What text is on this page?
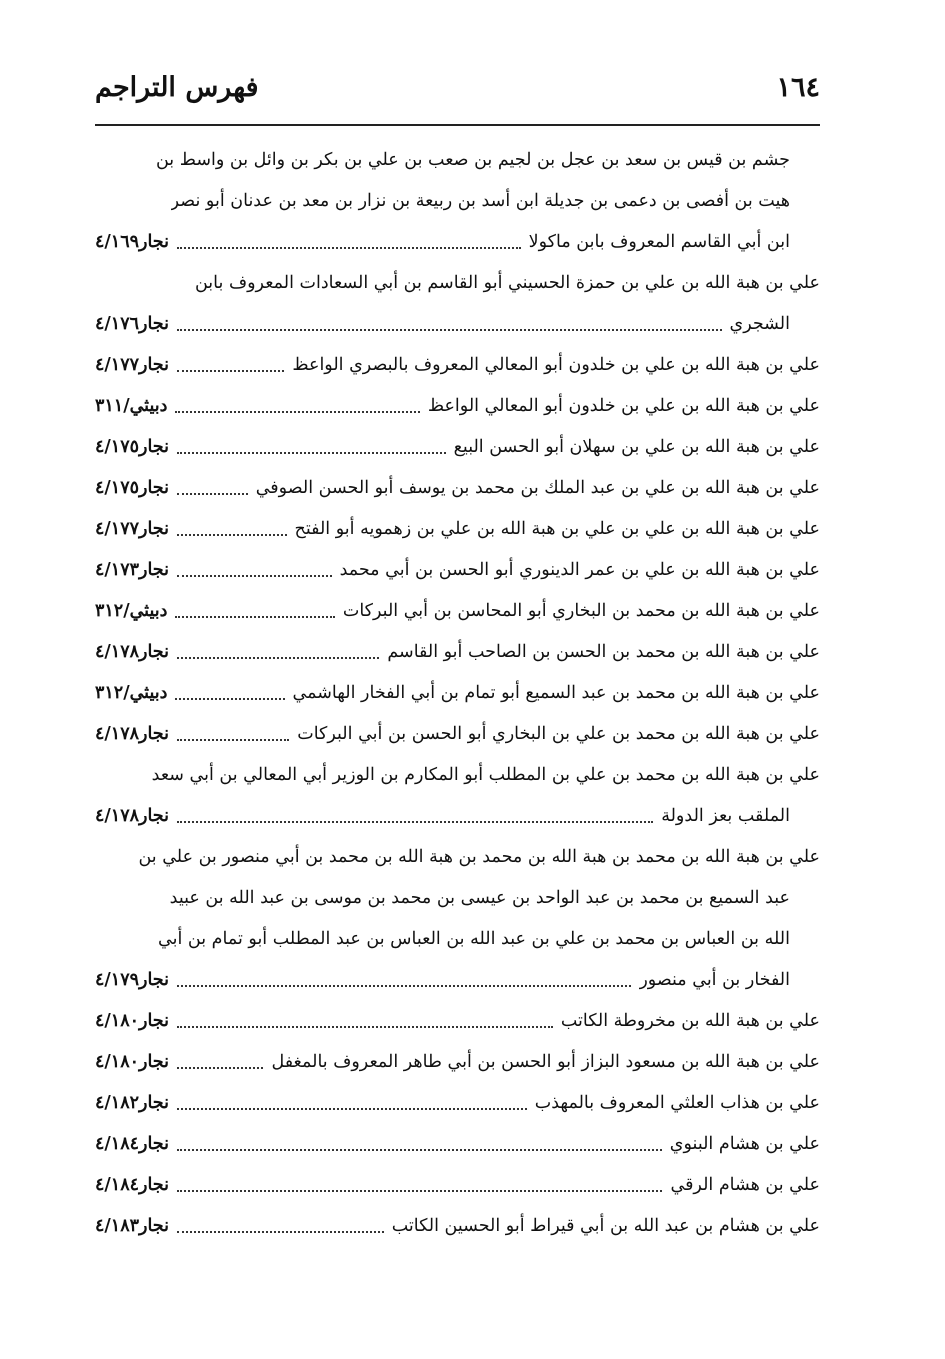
فهرس التراجم	١٦٤
جشم بن قيس بن سعد بن عجل بن لجيم بن صعب بن علي بن بكر بن وائل بن واسط بن
هيت بن أفصى بن دعمى بن جديلة ابن أسد بن ربيعة بن نزار بن معد بن عدنان أبو نصر
ابن أبي القاسم المعروف بابن ماكولا
نجار٤/١٦٩
علي بن هبة الله بن علي بن حمزة الحسيني أبو القاسم بن أبي السعادات المعروف بابن
الشجري
نجار٤/١٧٦
علي بن هبة الله بن علي بن خلدون أبو المعالي المعروف بالبصري الواعظ
نجار٤/١٧٧
علي بن هبة الله بن علي بن خلدون أبو المعالي الواعظ
دبيثي/٣١١
علي بن هبة الله بن علي بن سهلان أبو الحسن البيع
نجار٤/١٧٥
علي بن هبة الله بن علي بن عبد الملك بن محمد بن يوسف أبو الحسن الصوفي
نجار٤/١٧٥
علي بن هبة الله بن علي بن علي بن هبة الله بن علي بن زهمويه أبو الفتح
نجار٤/١٧٧
علي بن هبة الله بن علي بن عمر الدينوري أبو الحسن بن أبي محمد
نجار٤/١٧٣
علي بن هبة الله بن محمد بن البخاري أبو المحاسن بن أبي البركات
دبيثي/٣١٢
علي بن هبة الله بن محمد بن الحسن بن الصاحب أبو القاسم
نجار٤/١٧٨
علي بن هبة الله بن محمد بن عبد السميع أبو تمام بن أبي الفخار الهاشمي
دبيثي/٣١٢
علي بن هبة الله بن محمد بن علي بن البخاري أبو الحسن بن أبي البركات
نجار٤/١٧٨
علي بن هبة الله بن محمد بن علي بن المطلب أبو المكارم بن الوزير أبي المعالي بن أبي سعد
الملقب بعز الدولة
نجار٤/١٧٨
علي بن هبة الله بن محمد بن هبة الله بن محمد بن هبة الله بن محمد بن أبي منصور بن علي بن
عبد السميع بن محمد بن عبد الواحد بن عيسى بن محمد بن موسى بن عبد الله بن عبيد
الله بن العباس بن محمد بن علي بن عبد الله بن العباس بن عبد المطلب أبو تمام بن أبي
الفخار بن أبي منصور
نجار٤/١٧٩
علي بن هبة الله بن مخروطة الكاتب
نجار٤/١٨٠
علي بن هبة الله بن مسعود البزاز أبو الحسن بن أبي طاهر المعروف بالمغفل
نجار٤/١٨٠
علي بن هذاب العلثي المعروف بالمهذب
نجار٤/١٨٢
علي بن هشام البنوي
نجار٤/١٨٤
علي بن هشام الرقي
نجار٤/١٨٤
علي بن هشام بن عبد الله بن أبي قيراط أبو الحسين الكاتب
نجار٤/١٨٣
